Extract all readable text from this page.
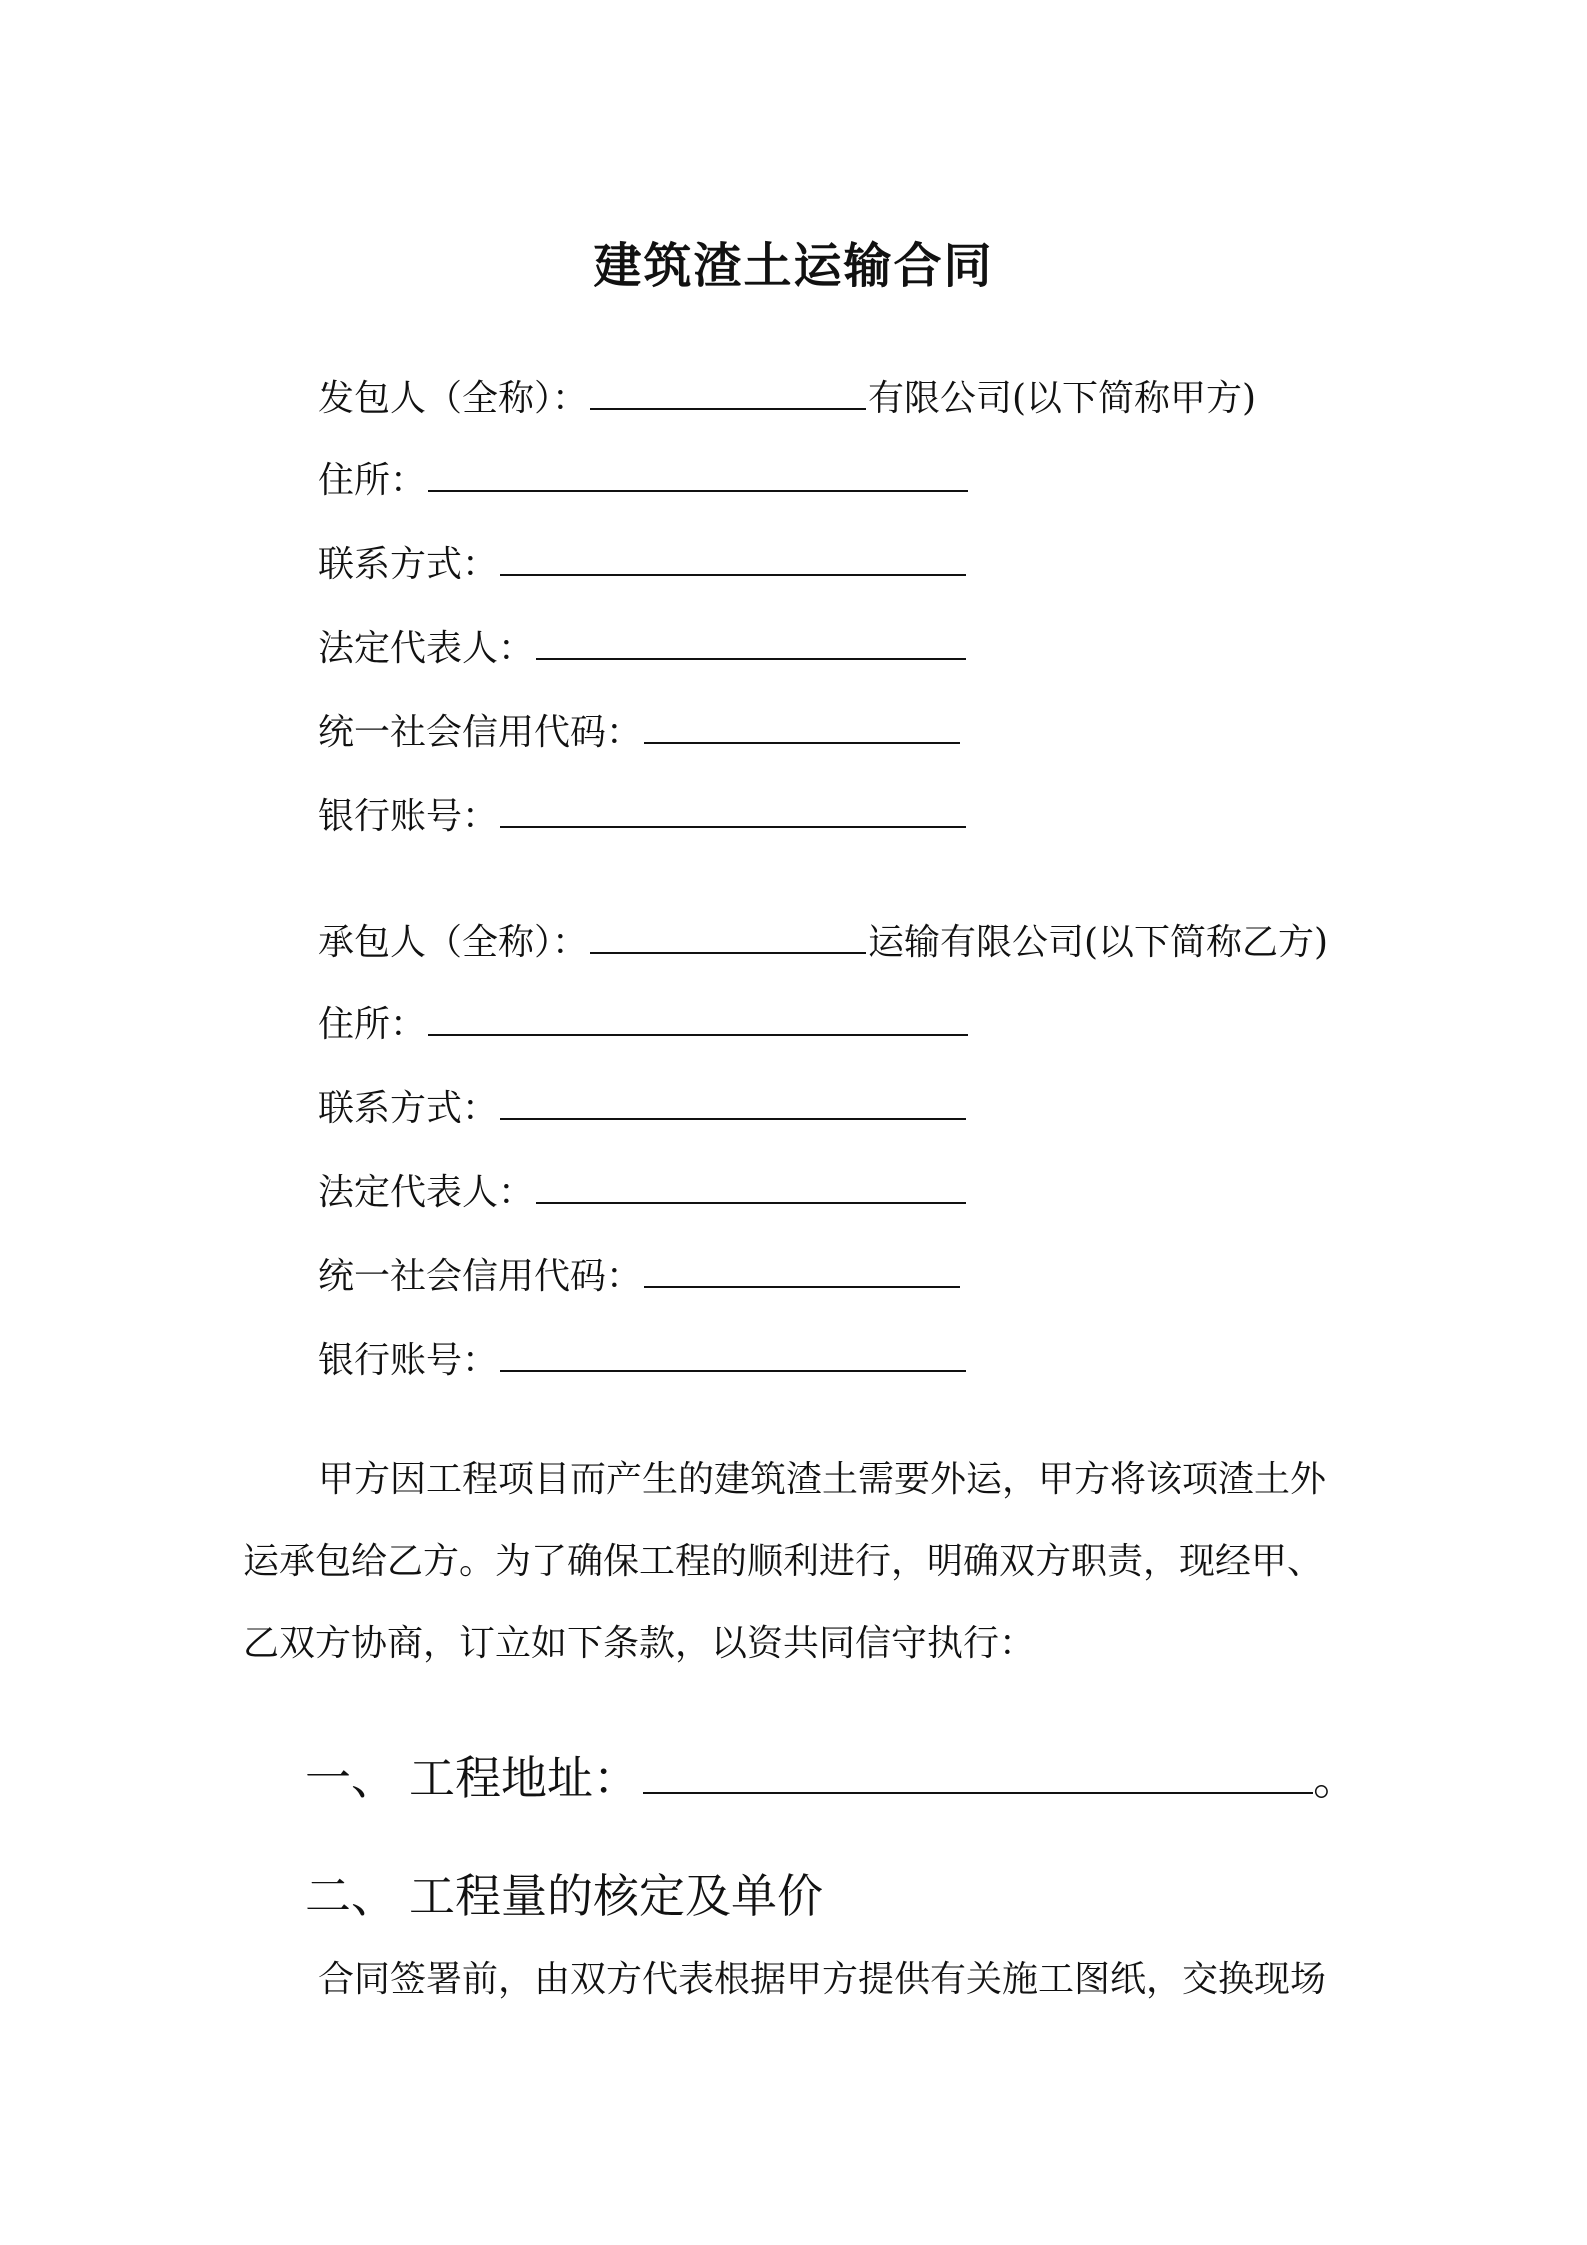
建筑渣土运输合同
发包人（全称）：	有限公司(以下简称甲方)
住所：
联系方式：
法定代表人：
统一社会信用代码：
银行账号：
承包人（全称）：	运输有限公司(以下简称乙方)
住所：
联系方式：
法定代表人：
统一社会信用代码：
银行账号：
甲方因工程项目而产生的建筑渣土需要外运，甲方将该项渣土外
运承包给乙方。为了确保工程的顺利进行，明确双方职责，现经甲、
乙双方协商，订立如下条款，以资共同信守执行：
一、 工程地址：	。
二、 工程量的核定及单价
合同签署前，由双方代表根据甲方提供有关施工图纸，交换现场
